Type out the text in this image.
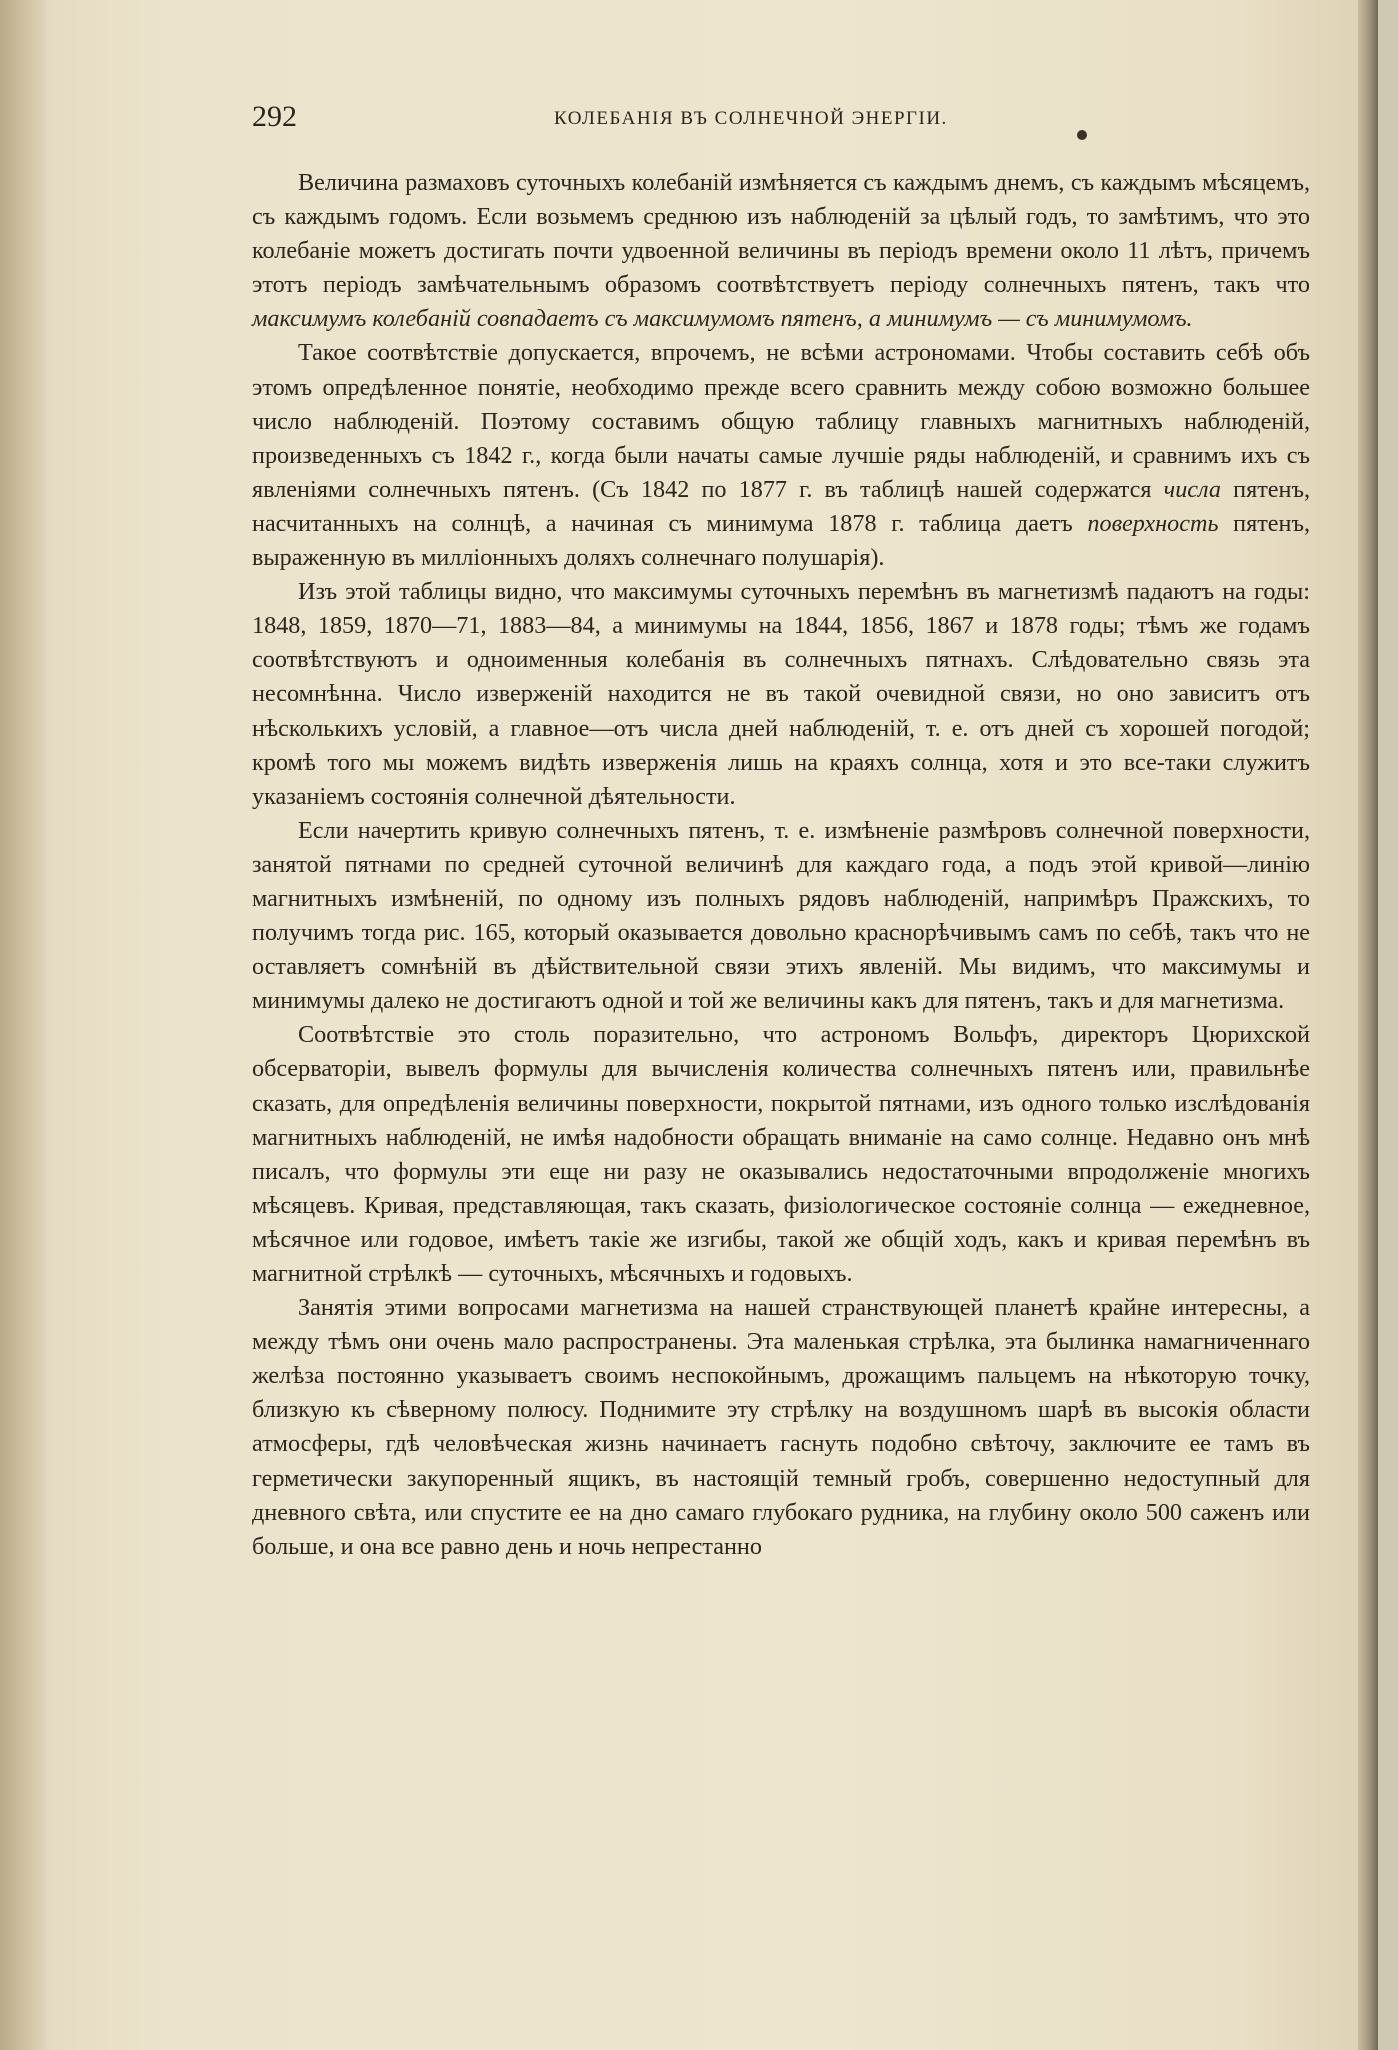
292	КОЛЕБАНІЯ ВЪ СОЛНЕЧНОЙ ЭНЕРГІИ.

Величина размаховъ суточныхъ колебаній измѣняется съ каждымъ днемъ, съ каждымъ мѣсяцемъ, съ каждымъ годомъ. Если возьмемъ среднюю изъ наблюденій за цѣлый годъ, то замѣтимъ, что это колебаніе можетъ достигать почти удвоенной величины въ періодъ времени около 11 лѣтъ, причемъ этотъ періодъ замѣчательнымъ образомъ соотвѣтствуетъ періоду солнечныхъ пятенъ, такъ что максимумъ колебаній совпадаетъ съ максимумомъ пятенъ, а минимумъ — съ минимумомъ.

Такое соотвѣтствіе допускается, впрочемъ, не всѣми астрономами. Чтобы составить себѣ объ этомъ опредѣленное понятіе, необходимо прежде всего сравнить между собою возможно большее число наблюденій. Поэтому составимъ общую таблицу главныхъ магнитныхъ наблюденій, произведенныхъ съ 1842 г., когда были начаты самые лучшіе ряды наблюденій, и сравнимъ ихъ съ явленіями солнечныхъ пятенъ. (Съ 1842 по 1877 г. въ таблицѣ нашей содержатся числа пятенъ, насчитанныхъ на солнцѣ, а начиная съ минимума 1878 г. таблица даетъ поверхность пятенъ, выраженную въ милліонныхъ доляхъ солнечнаго полушарія).

Изъ этой таблицы видно, что максимумы суточныхъ перемѣнъ въ магнетизмѣ падаютъ на годы: 1848, 1859, 1870—71, 1883—84, а минимумы на 1844, 1856, 1867 и 1878 годы; тѣмъ же годамъ соотвѣтствуютъ и одноименныя колебанія въ солнечныхъ пятнахъ. Слѣдовательно связь эта несомнѣнна. Число изверженій находится не въ такой очевидной связи, но оно зависитъ отъ нѣсколькихъ условій, а главное—отъ числа дней наблюденій, т. е. отъ дней съ хорошей погодой; кромѣ того мы можемъ видѣть изверженія лишь на краяхъ солнца, хотя и это все-таки служитъ указаніемъ состоянія солнечной дѣятельности.

Если начертить кривую солнечныхъ пятенъ, т. е. измѣненіе размѣровъ солнечной поверхности, занятой пятнами по средней суточной величинѣ для каждаго года, а подъ этой кривой—линію магнитныхъ измѣненій, по одному изъ полныхъ рядовъ наблюденій, напримѣръ Пражскихъ, то получимъ тогда рис. 165, который оказывается довольно краснорѣчивымъ самъ по себѣ, такъ что не оставляетъ сомнѣній въ дѣйствительной связи этихъ явленій. Мы видимъ, что максимумы и минимумы далеко не достигаютъ одной и той же величины какъ для пятенъ, такъ и для магнетизма.

Соотвѣтствіе это столь поразительно, что астрономъ Вольфъ, директоръ Цюрихской обсерваторіи, вывелъ формулы для вычисленія количества солнечныхъ пятенъ или, правильнѣе сказать, для опредѣленія величины поверхности, покрытой пятнами, изъ одного только изслѣдованія магнитныхъ наблюденій, не имѣя надобности обращать вниманіе на само солнце. Недавно онъ мнѣ писалъ, что формулы эти еще ни разу не оказывались недостаточными впродолженіе многихъ мѣсяцевъ. Кривая, представляющая, такъ сказать, физіологическое состояніе солнца — ежедневное, мѣсячное или годовое, имѣетъ такіе же изгибы, такой же общій ходъ, какъ и кривая перемѣнъ въ магнитной стрѣлкѣ — суточныхъ, мѣсячныхъ и годовыхъ.

Занятія этими вопросами магнетизма на нашей странствующей планетѣ крайне интересны, а между тѣмъ они очень мало распространены. Эта маленькая стрѣлка, эта былинка намагниченнаго желѣза постоянно указываетъ своимъ неспокойнымъ, дрожащимъ пальцемъ на нѣкоторую точку, близкую къ сѣверному полюсу. Поднимите эту стрѣлку на воздушномъ шарѣ въ высокія области атмосферы, гдѣ человѣческая жизнь начинаетъ гаснуть подобно свѣточу, заключите ее тамъ въ герметически закупоренный ящикъ, въ настоящій темный гробъ, совершенно недоступный для дневного свѣта, или спустите ее на дно самаго глубокаго рудника, на глубину около 500 саженъ или больше, и она все равно день и ночь непрестанно
